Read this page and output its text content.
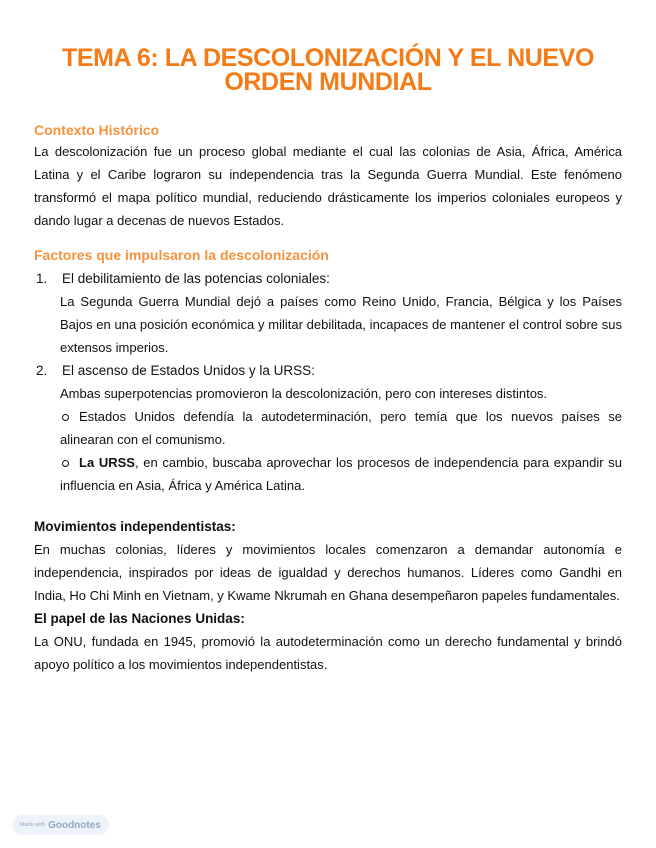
TEMA 6: LA DESCOLONIZACIÓN Y EL NUEVO ORDEN MUNDIAL
Contexto Histórico

La descolonización fue un proceso global mediante el cual las colonias de Asia, África, América Latina y el Caribe lograron su independencia tras la Segunda Guerra Mundial. Este fenómeno transformó el mapa político mundial, reduciendo drásticamente los imperios coloniales europeos y dando lugar a decenas de nuevos Estados.

Factores que impulsaron la descolonización
1.	El debilitamiento de las potencias coloniales:
La Segunda Guerra Mundial dejó a países como Reino Unido, Francia, Bélgica y los Países Bajos en una posición económica y militar debilitada, incapaces de mantener el control sobre sus extensos imperios.
2.	El ascenso de Estados Unidos y la URSS:
Ambas superpotencias promovieron la descolonización, pero con intereses distintos.
Estados Unidos defendía la autodeterminación, pero temía que los nuevos países se alinearan con el comunismo.
La URSS, en cambio, buscaba aprovechar los procesos de independencia para expandir su influencia en Asia, África y América Latina.
Movimientos independentistas:

En muchas colonias, líderes y movimientos locales comenzaron a demandar autonomía e independencia, inspirados por ideas de igualdad y derechos humanos. Líderes como Gandhi en India, Ho Chi Minh en Vietnam, y Kwame Nkrumah en Ghana desempeñaron papeles fundamentales.

El papel de las Naciones Unidas:

La ONU, fundada en 1945, promovió la autodeterminación como un derecho fundamental y brindó apoyo político a los movimientos independentistas.

Made with Goodnotes
